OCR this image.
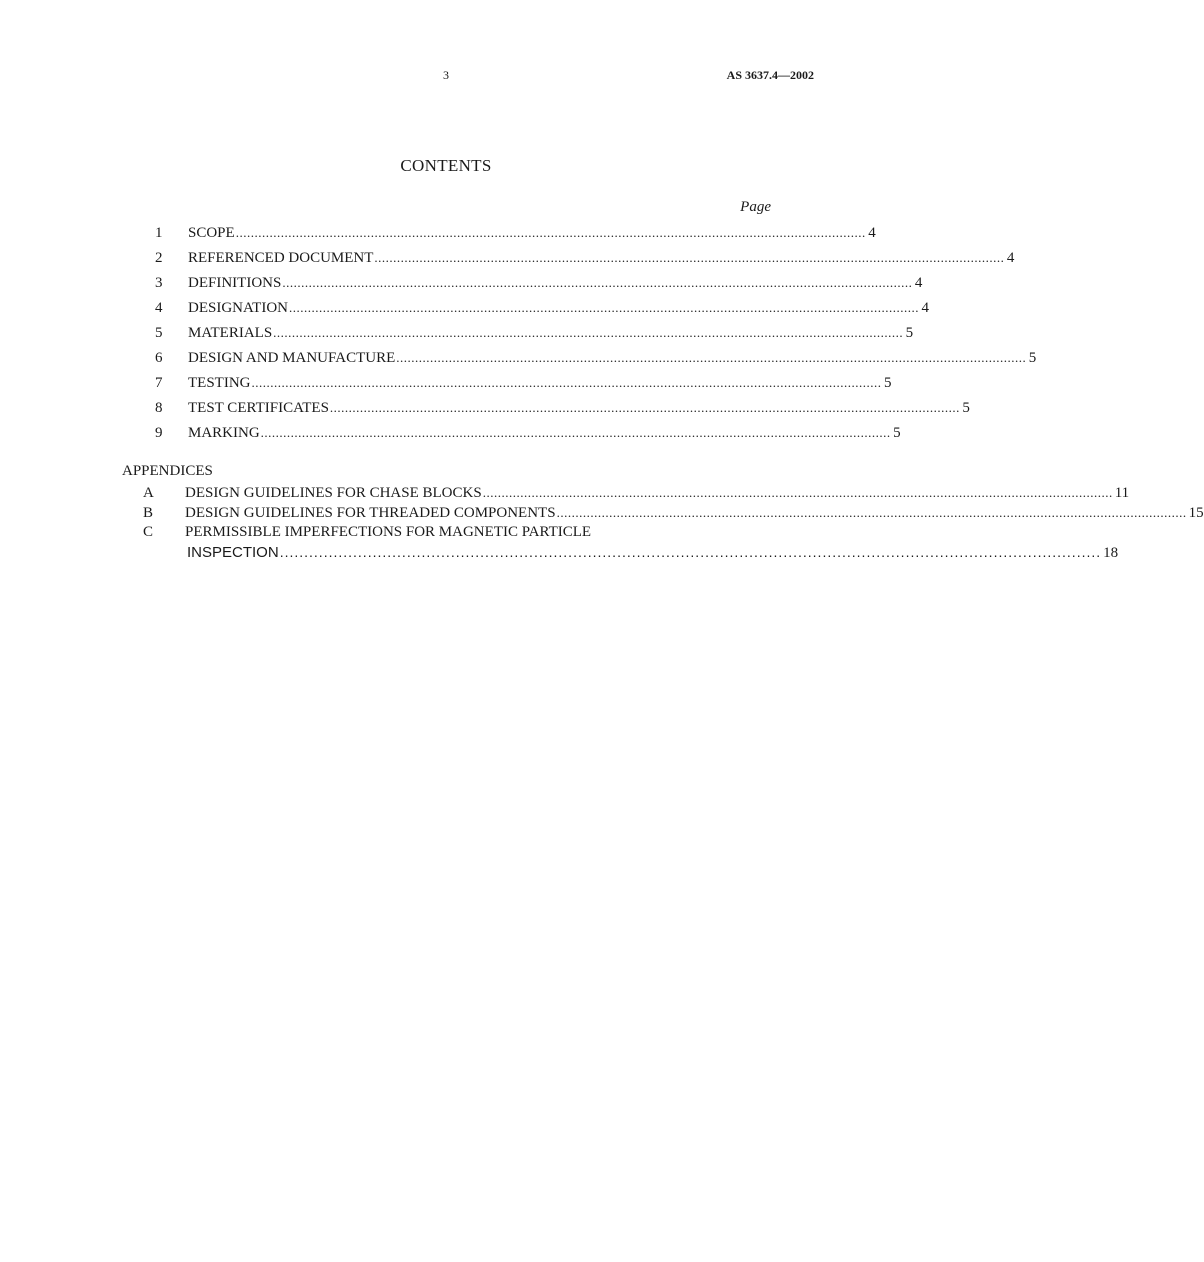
3	AS 3637.4—2002
CONTENTS
Page
1	SCOPE ........................................................................................................................................................................ 4
2	REFERENCED DOCUMENT ........................................................................................................................................................................ 4
3	DEFINITIONS ........................................................................................................................................................................ 4
4	DESIGNATION ........................................................................................................................................................................ 4
5	MATERIALS ........................................................................................................................................................................ 5
6	DESIGN AND MANUFACTURE ........................................................................................................................................................................ 5
7	TESTING ........................................................................................................................................................................ 5
8	TEST CERTIFICATES ........................................................................................................................................................................ 5
9	MARKING ........................................................................................................................................................................ 5
APPENDICES
A	DESIGN GUIDELINES FOR CHASE BLOCKS ........................................................................................................................................................................ 11
B	DESIGN GUIDELINES FOR THREADED COMPONENTS ........................................................................................................................................................................ 15
C	PERMISSIBLE IMPERFECTIONS FOR MAGNETIC PARTICLE
INSPECTION ........................................................................................................................................................................ 18
